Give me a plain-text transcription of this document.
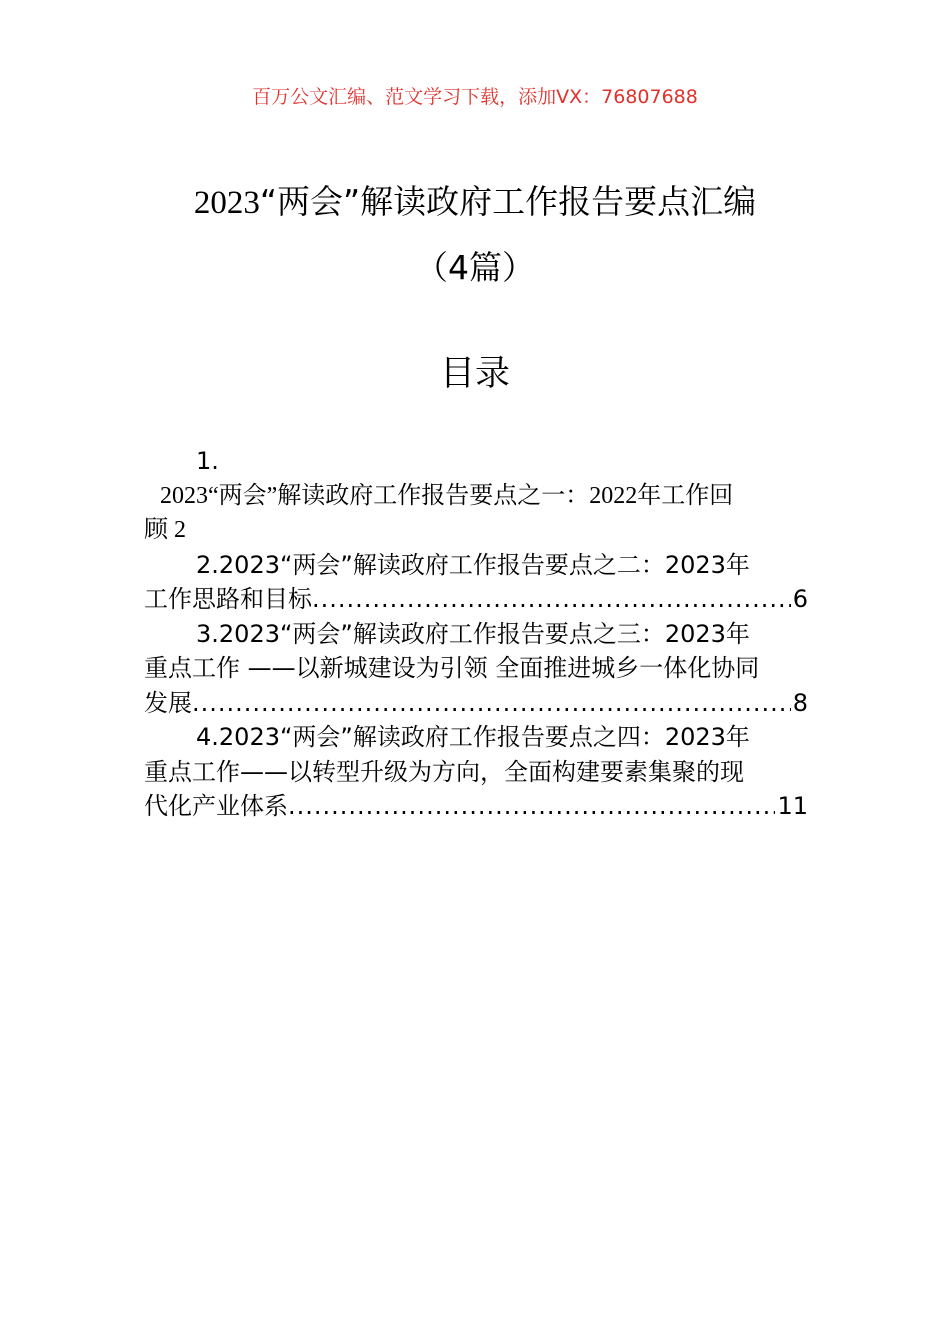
百万公文汇编、范文学习下载，添加VX：76807688
2023“两会”解读政府工作报告要点汇编
（4篇）
目录
1.
2023“两会”解读政府工作报告要点之一：2022年工作回
顾 2
2.2023“两会”解读政府工作报告要点之二：2023年
工作思路和目标 .....	6
3.2023“两会”解读政府工作报告要点之三：2023年
重点工作 ——以新城建设为引领 全面推进城乡一体化协同
发展 .....	8
4.2023“两会”解读政府工作报告要点之四：2023年
重点工作——以转型升级为方向，全面构建要素集聚的现
代化产业体系 .....	11
